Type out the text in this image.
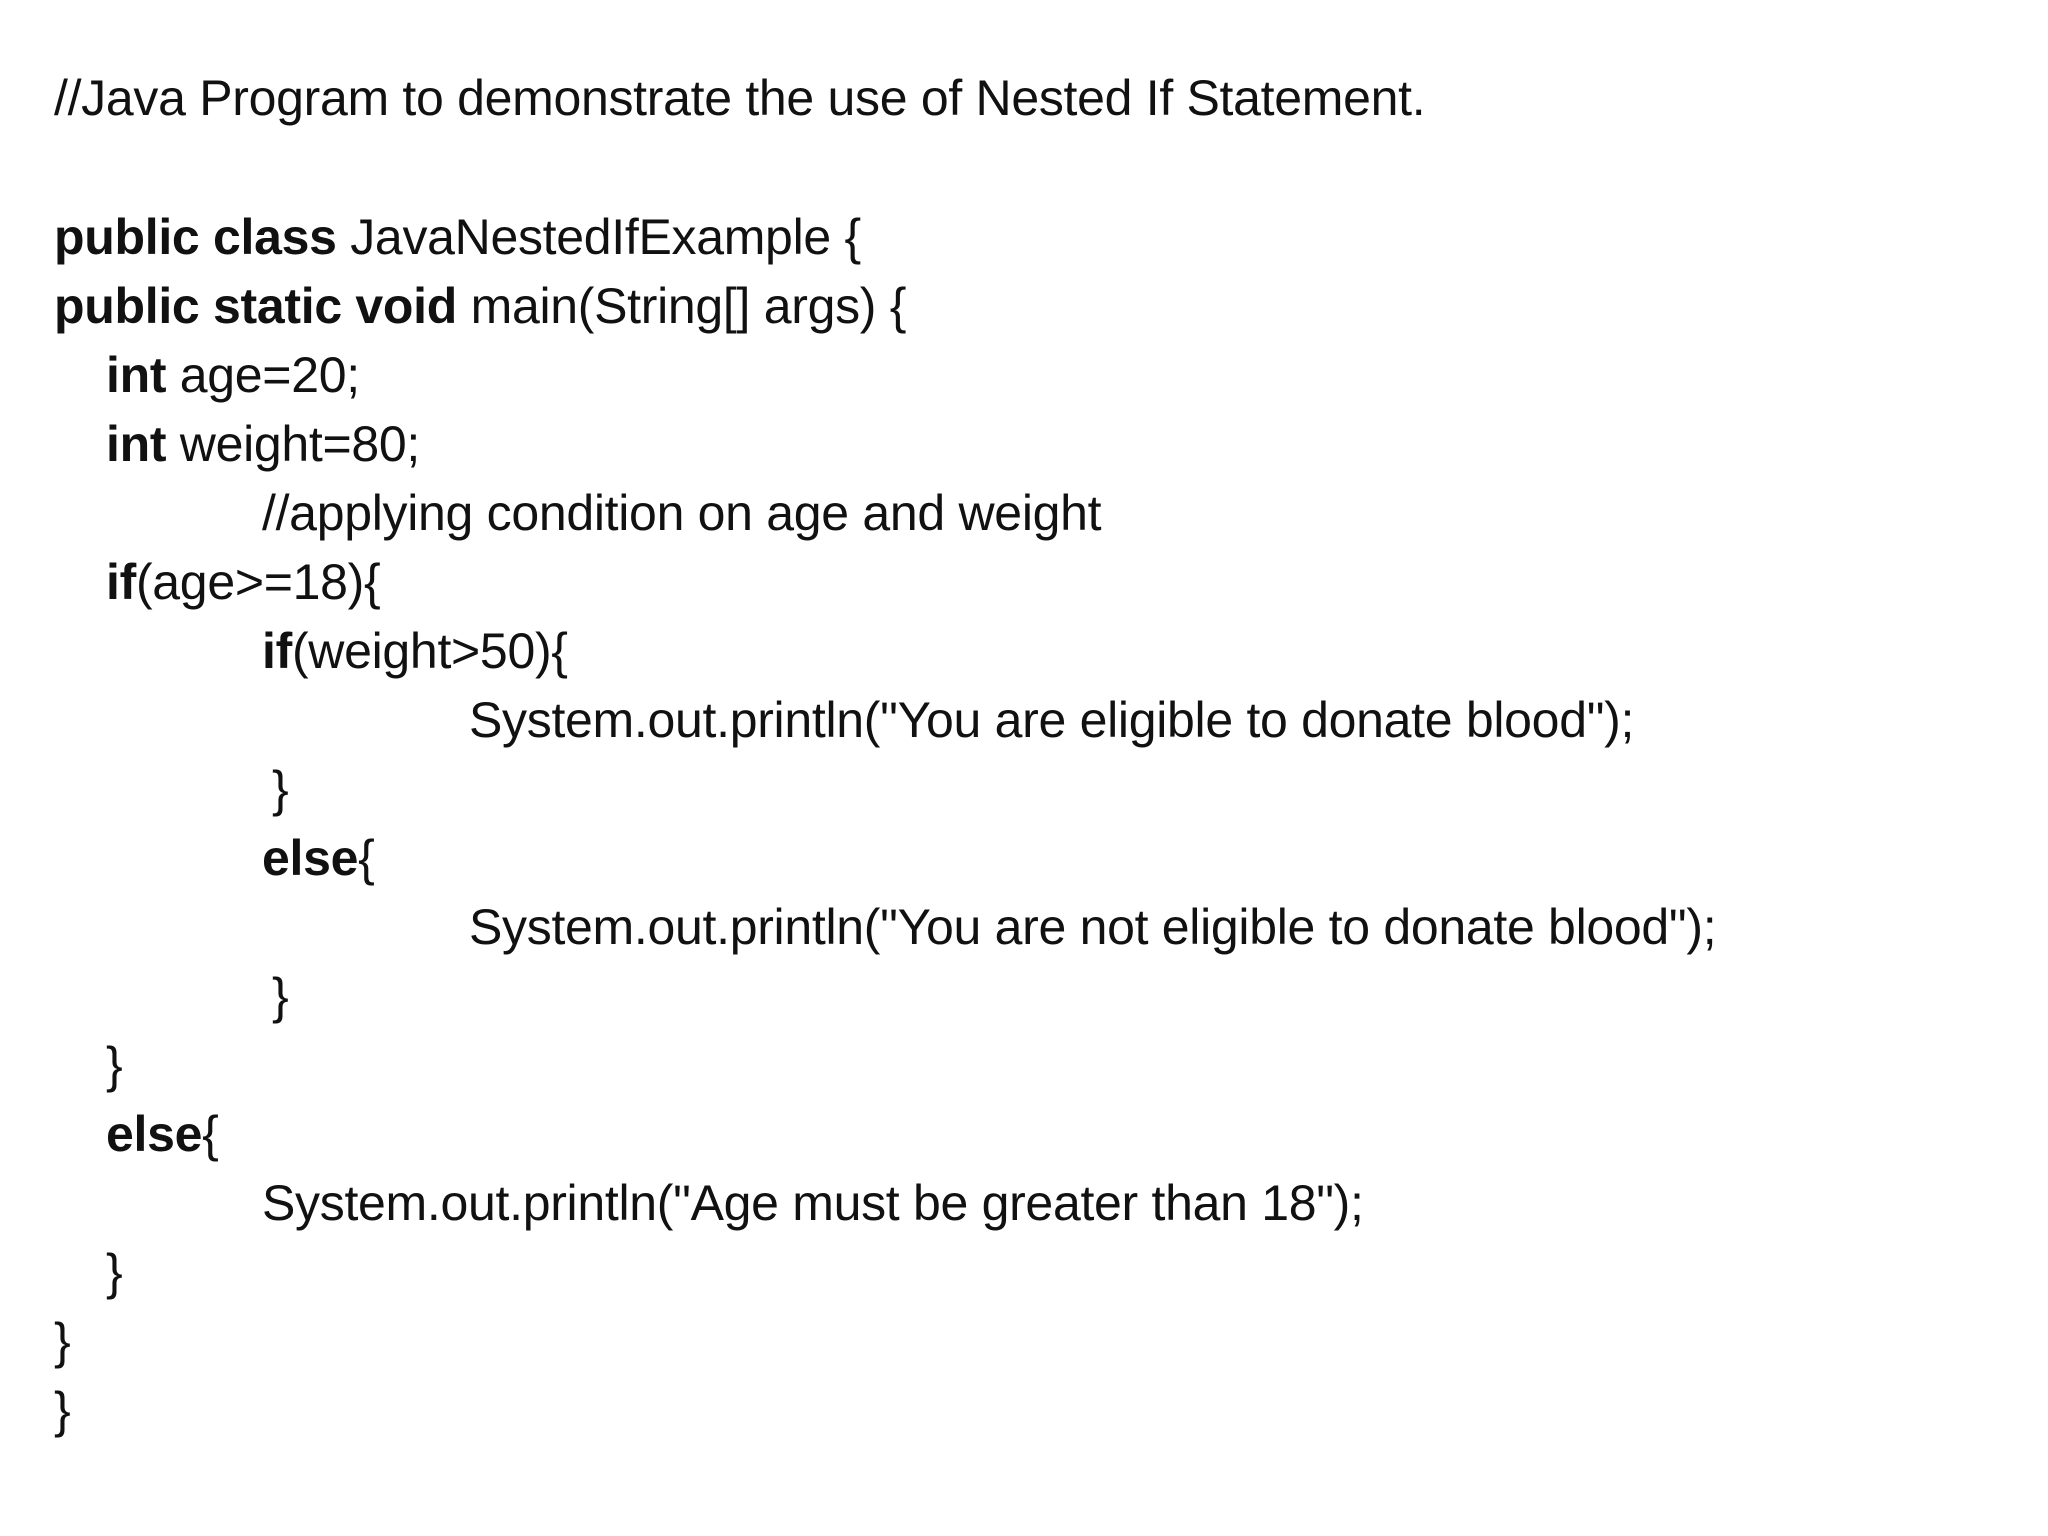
//Java Program to demonstrate the use of Nested If Statement.
public class JavaNestedIfExample {
public static void main(String[] args) {
int age=20;
int weight=80;
//applying condition on age and weight
if(age>=18){
if(weight>50){
System.out.println("You are eligible to donate blood");
}
else{
System.out.println("You are not eligible to donate blood");
}
}
else{
System.out.println("Age must be greater than 18");
}
}
}
